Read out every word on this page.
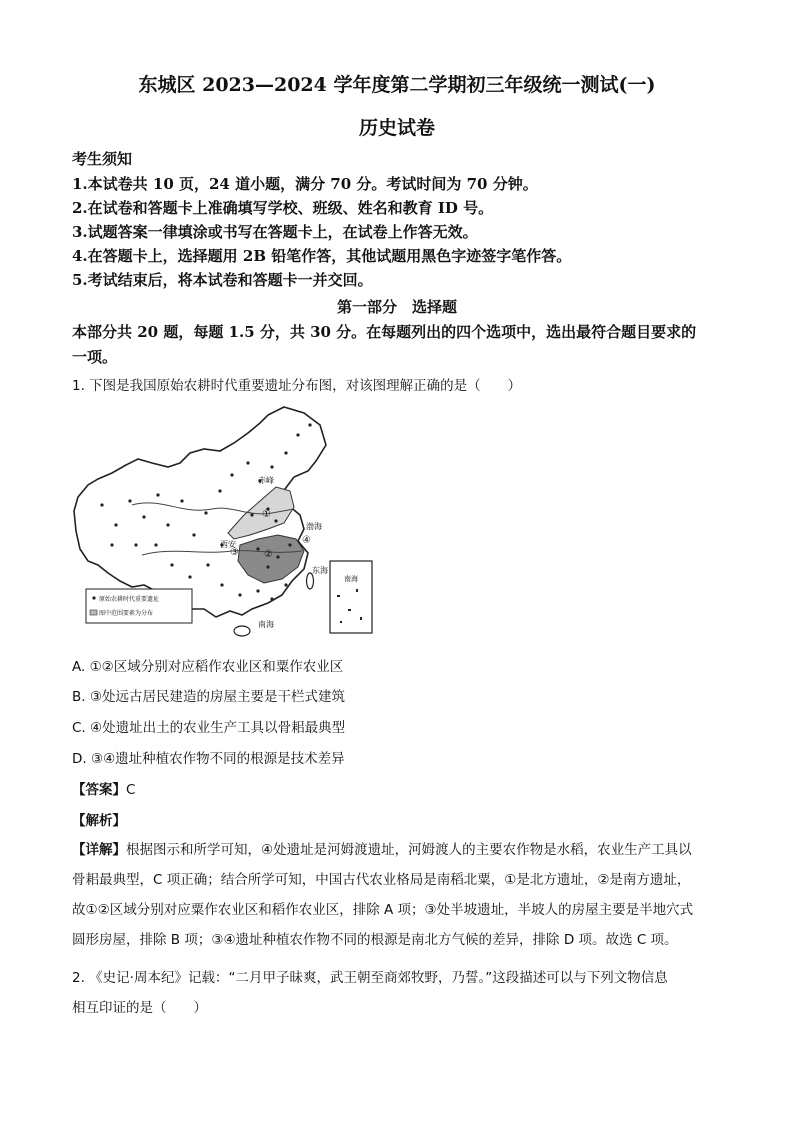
东城区 2023—2024 学年度第二学期初三年级统一测试(一)
历史试卷
考生须知
1.本试卷共 10 页，24 道小题，满分 70 分。考试时间为 70 分钟。
2.在试卷和答题卡上准确填写学校、班级、姓名和教育 ID 号。
3.试题答案一律填涂或书写在答题卡上，在试卷上作答无效。
4.在答题卡上，选择题用 2B 铅笔作答，其他试题用黑色字迹签字笔作答。
5.考试结束后，将本试卷和答题卡一并交回。
第一部分　选择题
本部分共 20 题，每题 1.5 分，共 30 分。在每题列出的四个选项中，选出最符合题目要求的
一项。
1. 下图是我国原始农耕时代重要遗址分布图，对该图理解正确的是（　　）
赤峰
渤海
西安
东海
南海
①
②
③
④
原始农耕时代重要遗址
图中范围要素为分布
南海
A. ①②区域分别对应稻作农业区和粟作农业区
B. ③处远古居民建造的房屋主要是干栏式建筑
C. ④处遗址出土的农业生产工具以骨耜最典型
D. ③④遗址种植农作物不同的根源是技术差异
【答案】C
【解析】
【详解】根据图示和所学可知，④处遗址是河姆渡遗址，河姆渡人的主要农作物是水稻，农业生产工具以
骨耜最典型，C 项正确；结合所学可知，中国古代农业格局是南稻北粟，①是北方遗址，②是南方遗址，
故①②区域分别对应粟作农业区和稻作农业区，排除 A 项；③处半坡遗址，半坡人的房屋主要是半地穴式
圆形房屋，排除 B 项；③④遗址种植农作物不同的根源是南北方气候的差异，排除 D 项。故选 C 项。
2. 《史记·周本纪》记载：“二月甲子昧爽，武王朝至商郊牧野，乃誓。”这段描述可以与下列文物信息
相互印证的是（　　）
